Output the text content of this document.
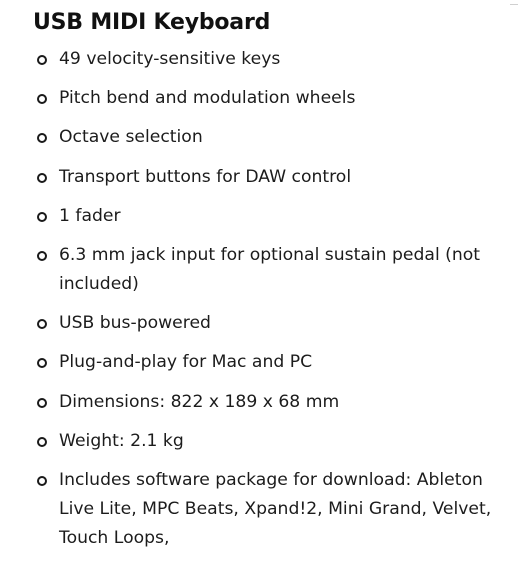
USB MIDI Keyboard
49 velocity-sensitive keys
Pitch bend and modulation wheels
Octave selection
Transport buttons for DAW control
1 fader
6.3 mm jack input for optional sustain pedal (not included)
USB bus-powered
Plug-and-play for Mac and PC
Dimensions: 822 x 189 x 68 mm
Weight: 2.1 kg
Includes software package for download: Ableton Live Lite, MPC Beats, Xpand!2, Mini Grand, Velvet, Touch Loops,
